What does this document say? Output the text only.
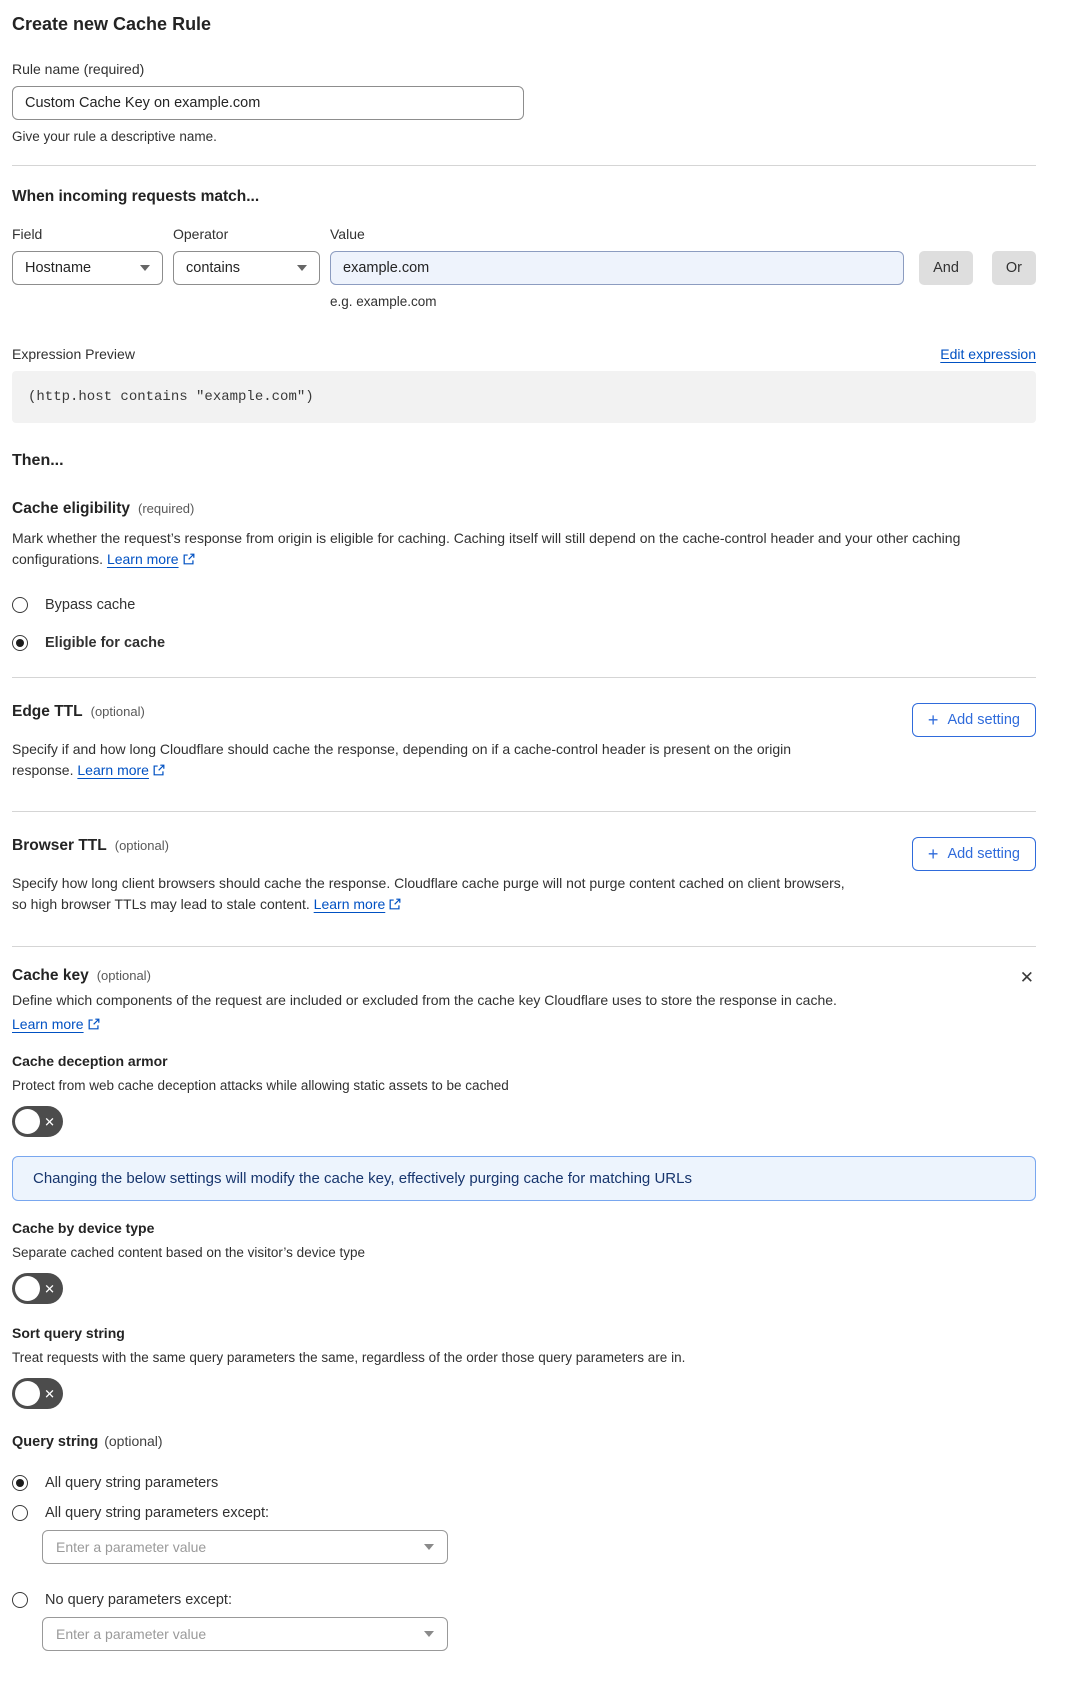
Create new Cache Rule
Rule name (required)
Custom Cache Key on example.com
Give your rule a descriptive name.
When incoming requests match...
Field
Hostname
Operator
contains
Value
example.com
And	Or
e.g. example.com
Expression Preview	Edit expression
(http.host contains "example.com")
Then...
Cache eligibility (required)

Mark whether the request’s response from origin is eligible for caching. Caching itself will still depend on the cache-control header and your other caching configurations. Learn more

Bypass cache
Eligible for cache
Edge TTL (optional)	+ Add setting

Specify if and how long Cloudflare should cache the response, depending on if a cache-control header is present on the origin response. Learn more

Browser TTL (optional)	+ Add setting

Specify how long client browsers should cache the response. Cloudflare cache purge will not purge content cached on client browsers, so high browser TTLs may lead to stale content. Learn more

Cache key (optional)	✕

Define which components of the request are included or excluded from the cache key Cloudflare uses to store the response in cache.

Learn more
Cache deception armor
Protect from web cache deception attacks while allowing static assets to be cached
✕
Changing the below settings will modify the cache key, effectively purging cache for matching URLs
Cache by device type
Separate cached content based on the visitor’s device type
✕
Sort query string
Treat requests with the same query parameters the same, regardless of the order those query parameters are in.
✕
Query string (optional)
All query string parameters
All query string parameters except:
Enter a parameter value
No query parameters except:
Enter a parameter value
